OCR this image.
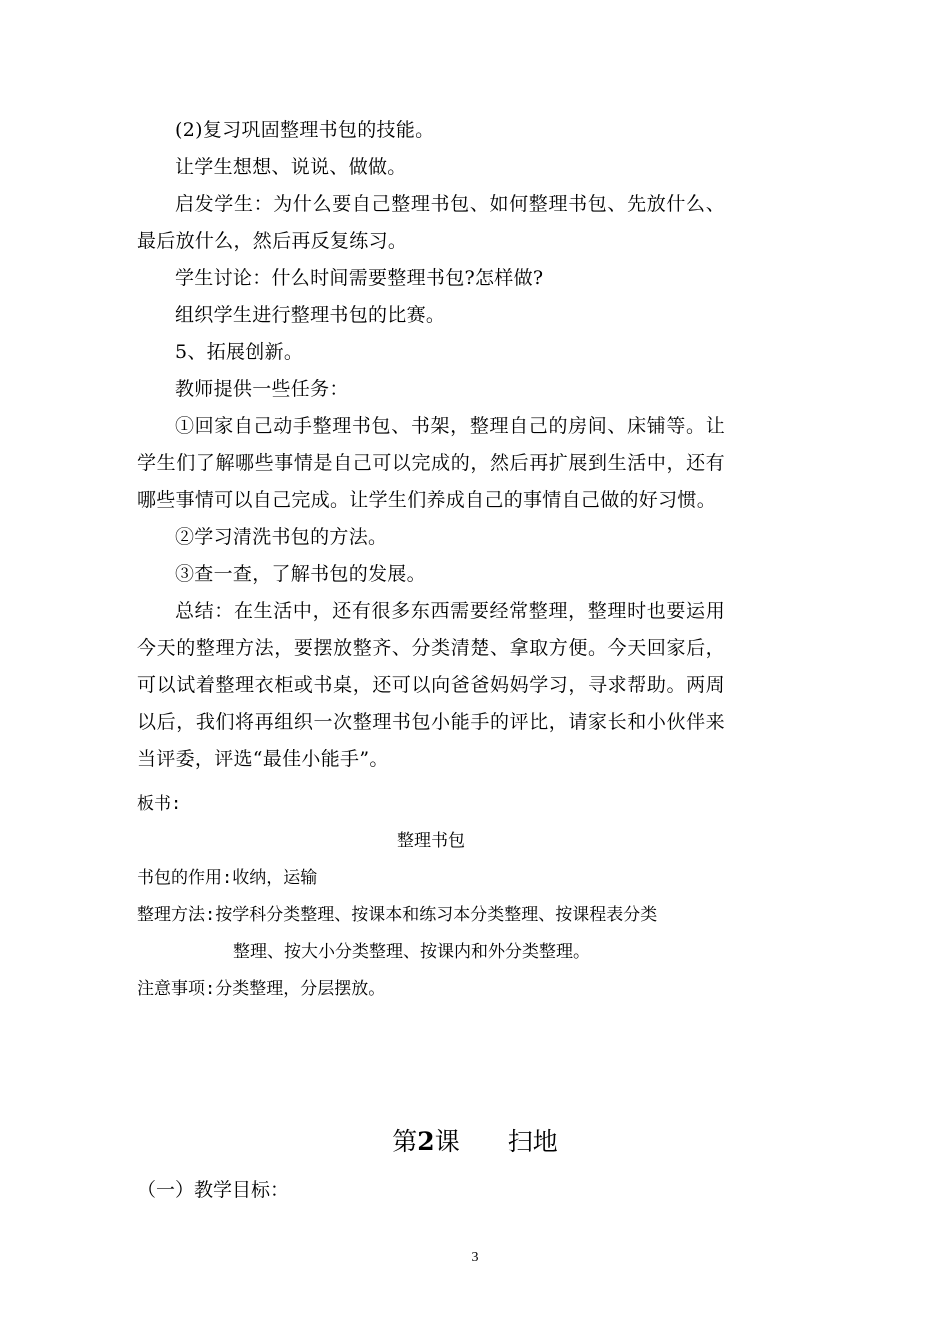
(2)复习巩固整理书包的技能。

让学生想想、说说、做做。

启发学生：为什么要自己整理书包、如何整理书包、先放什么、最后放什么，然后再反复练习。

学生讨论：什么时间需要整理书包?怎样做?

组织学生进行整理书包的比赛。

5、拓展创新。

教师提供一些任务：

①回家自己动手整理书包、书架，整理自己的房间、床铺等。让学生们了解哪些事情是自己可以完成的，然后再扩展到生活中，还有哪些事情可以自己完成。让学生们养成自己的事情自己做的好习惯。

②学习清洗书包的方法。

③查一查，了解书包的发展。

总结：在生活中，还有很多东西需要经常整理，整理时也要运用今天的整理方法，要摆放整齐、分类清楚、拿取方便。今天回家后，可以试着整理衣柜或书桌，还可以向爸爸妈妈学习，寻求帮助。两周以后，我们将再组织一次整理书包小能手的评比，请家长和小伙伴来当评委，评选“最佳小能手”。

板书:
整理书包
书包的作用:收纳，运输
整理方法:按学科分类整理、按课本和练习本分类整理、按课程表分类
整理、按大小分类整理、按课内和外分类整理。
注意事项:分类整理，分层摆放。
第2课 扫地
（一）教学目标：
3
